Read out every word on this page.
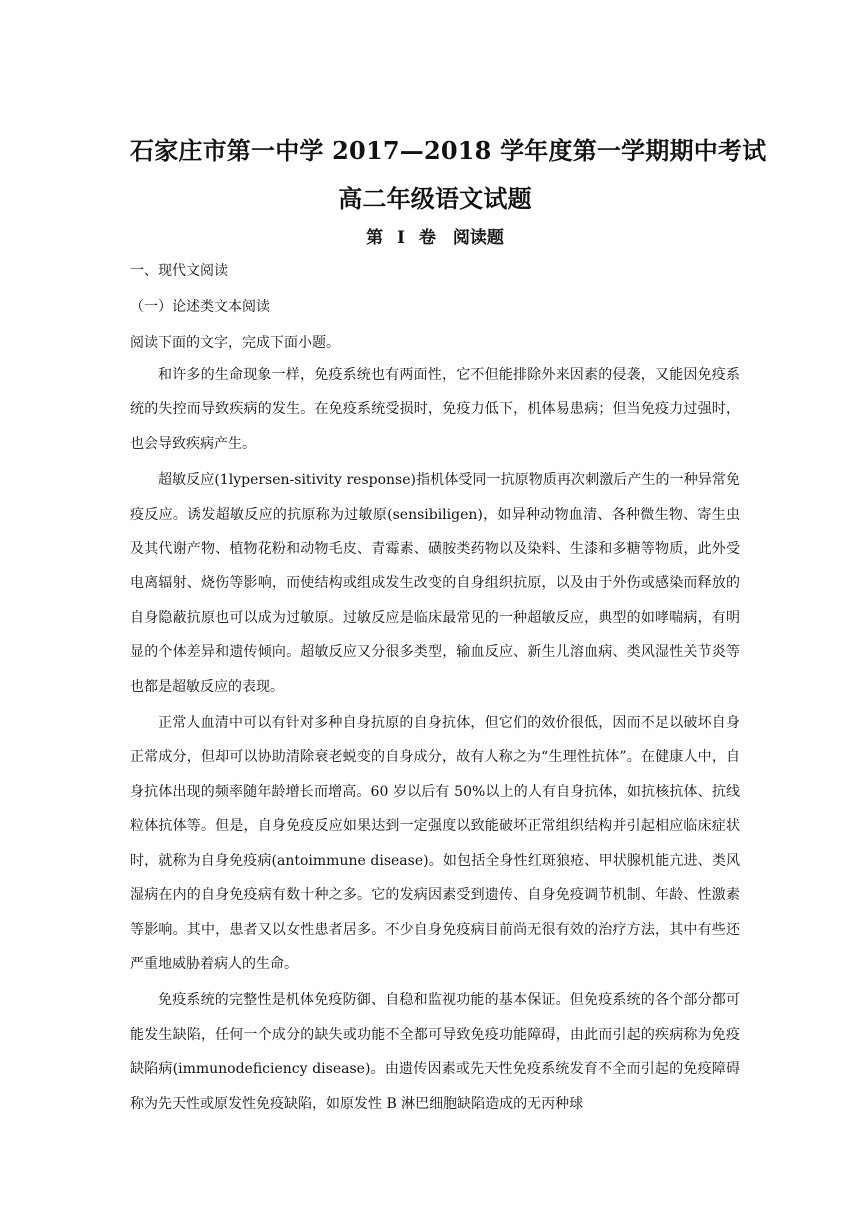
石家庄市第一中学 2017—2018 学年度第一学期期中考试
高二年级语文试题
第 I 卷　阅读题
一、现代文阅读
（一）论述类文本阅读
阅读下面的文字，完成下面小题。

和许多的生命现象一样，免疫系统也有两面性，它不但能排除外来因素的侵袭，又能因免疫系统的失控而导致疾病的发生。在免疫系统受损时，免疫力低下，机体易患病；但当免疫力过强时，也会导致疾病产生。

超敏反应(1lypersen-sitivity response)指机体受同一抗原物质再次刺激后产生的一种异常免疫反应。诱发超敏反应的抗原称为过敏原(sensibiligen)，如异种动物血清、各种微生物、寄生虫及其代谢产物、植物花粉和动物毛皮、青霉素、磺胺类药物以及染料、生漆和多糖等物质，此外受电离辐射、烧伤等影响，而使结构或组成发生改变的自身组织抗原，以及由于外伤或感染而释放的自身隐蔽抗原也可以成为过敏原。过敏反应是临床最常见的一种超敏反应，典型的如哮喘病，有明显的个体差异和遗传倾向。超敏反应又分很多类型，输血反应、新生儿溶血病、类风湿性关节炎等也都是超敏反应的表现。

正常人血清中可以有针对多种自身抗原的自身抗体，但它们的效价很低，因而不足以破坏自身正常成分，但却可以协助清除衰老蜕变的自身成分，故有人称之为“生理性抗体”。在健康人中，自身抗体出现的频率随年龄增长而增高。60 岁以后有 50%以上的人有自身抗体，如抗核抗体、抗线粒体抗体等。但是，自身免疫反应如果达到一定强度以致能破坏正常组织结构并引起相应临床症状时，就称为自身免疫病(antoimmune disease)。如包括全身性红斑狼疮、甲状腺机能亢进、类风湿病在内的自身免疫病有数十种之多。它的发病因素受到遗传、自身免疫调节机制、年龄、性激素等影响。其中，患者又以女性患者居多。不少自身免疫病目前尚无很有效的治疗方法，其中有些还严重地威胁着病人的生命。

免疫系统的完整性是机体免疫防御、自稳和监视功能的基本保证。但免疫系统的各个部分都可能发生缺陷，任何一个成分的缺失或功能不全都可导致免疫功能障碍，由此而引起的疾病称为免疫缺陷病(immunodeficiency disease)。由遗传因素或先天性免疫系统发育不全而引起的免疫障碍称为先天性或原发性免疫缺陷，如原发性 B 淋巴细胞缺陷造成的无丙种球
